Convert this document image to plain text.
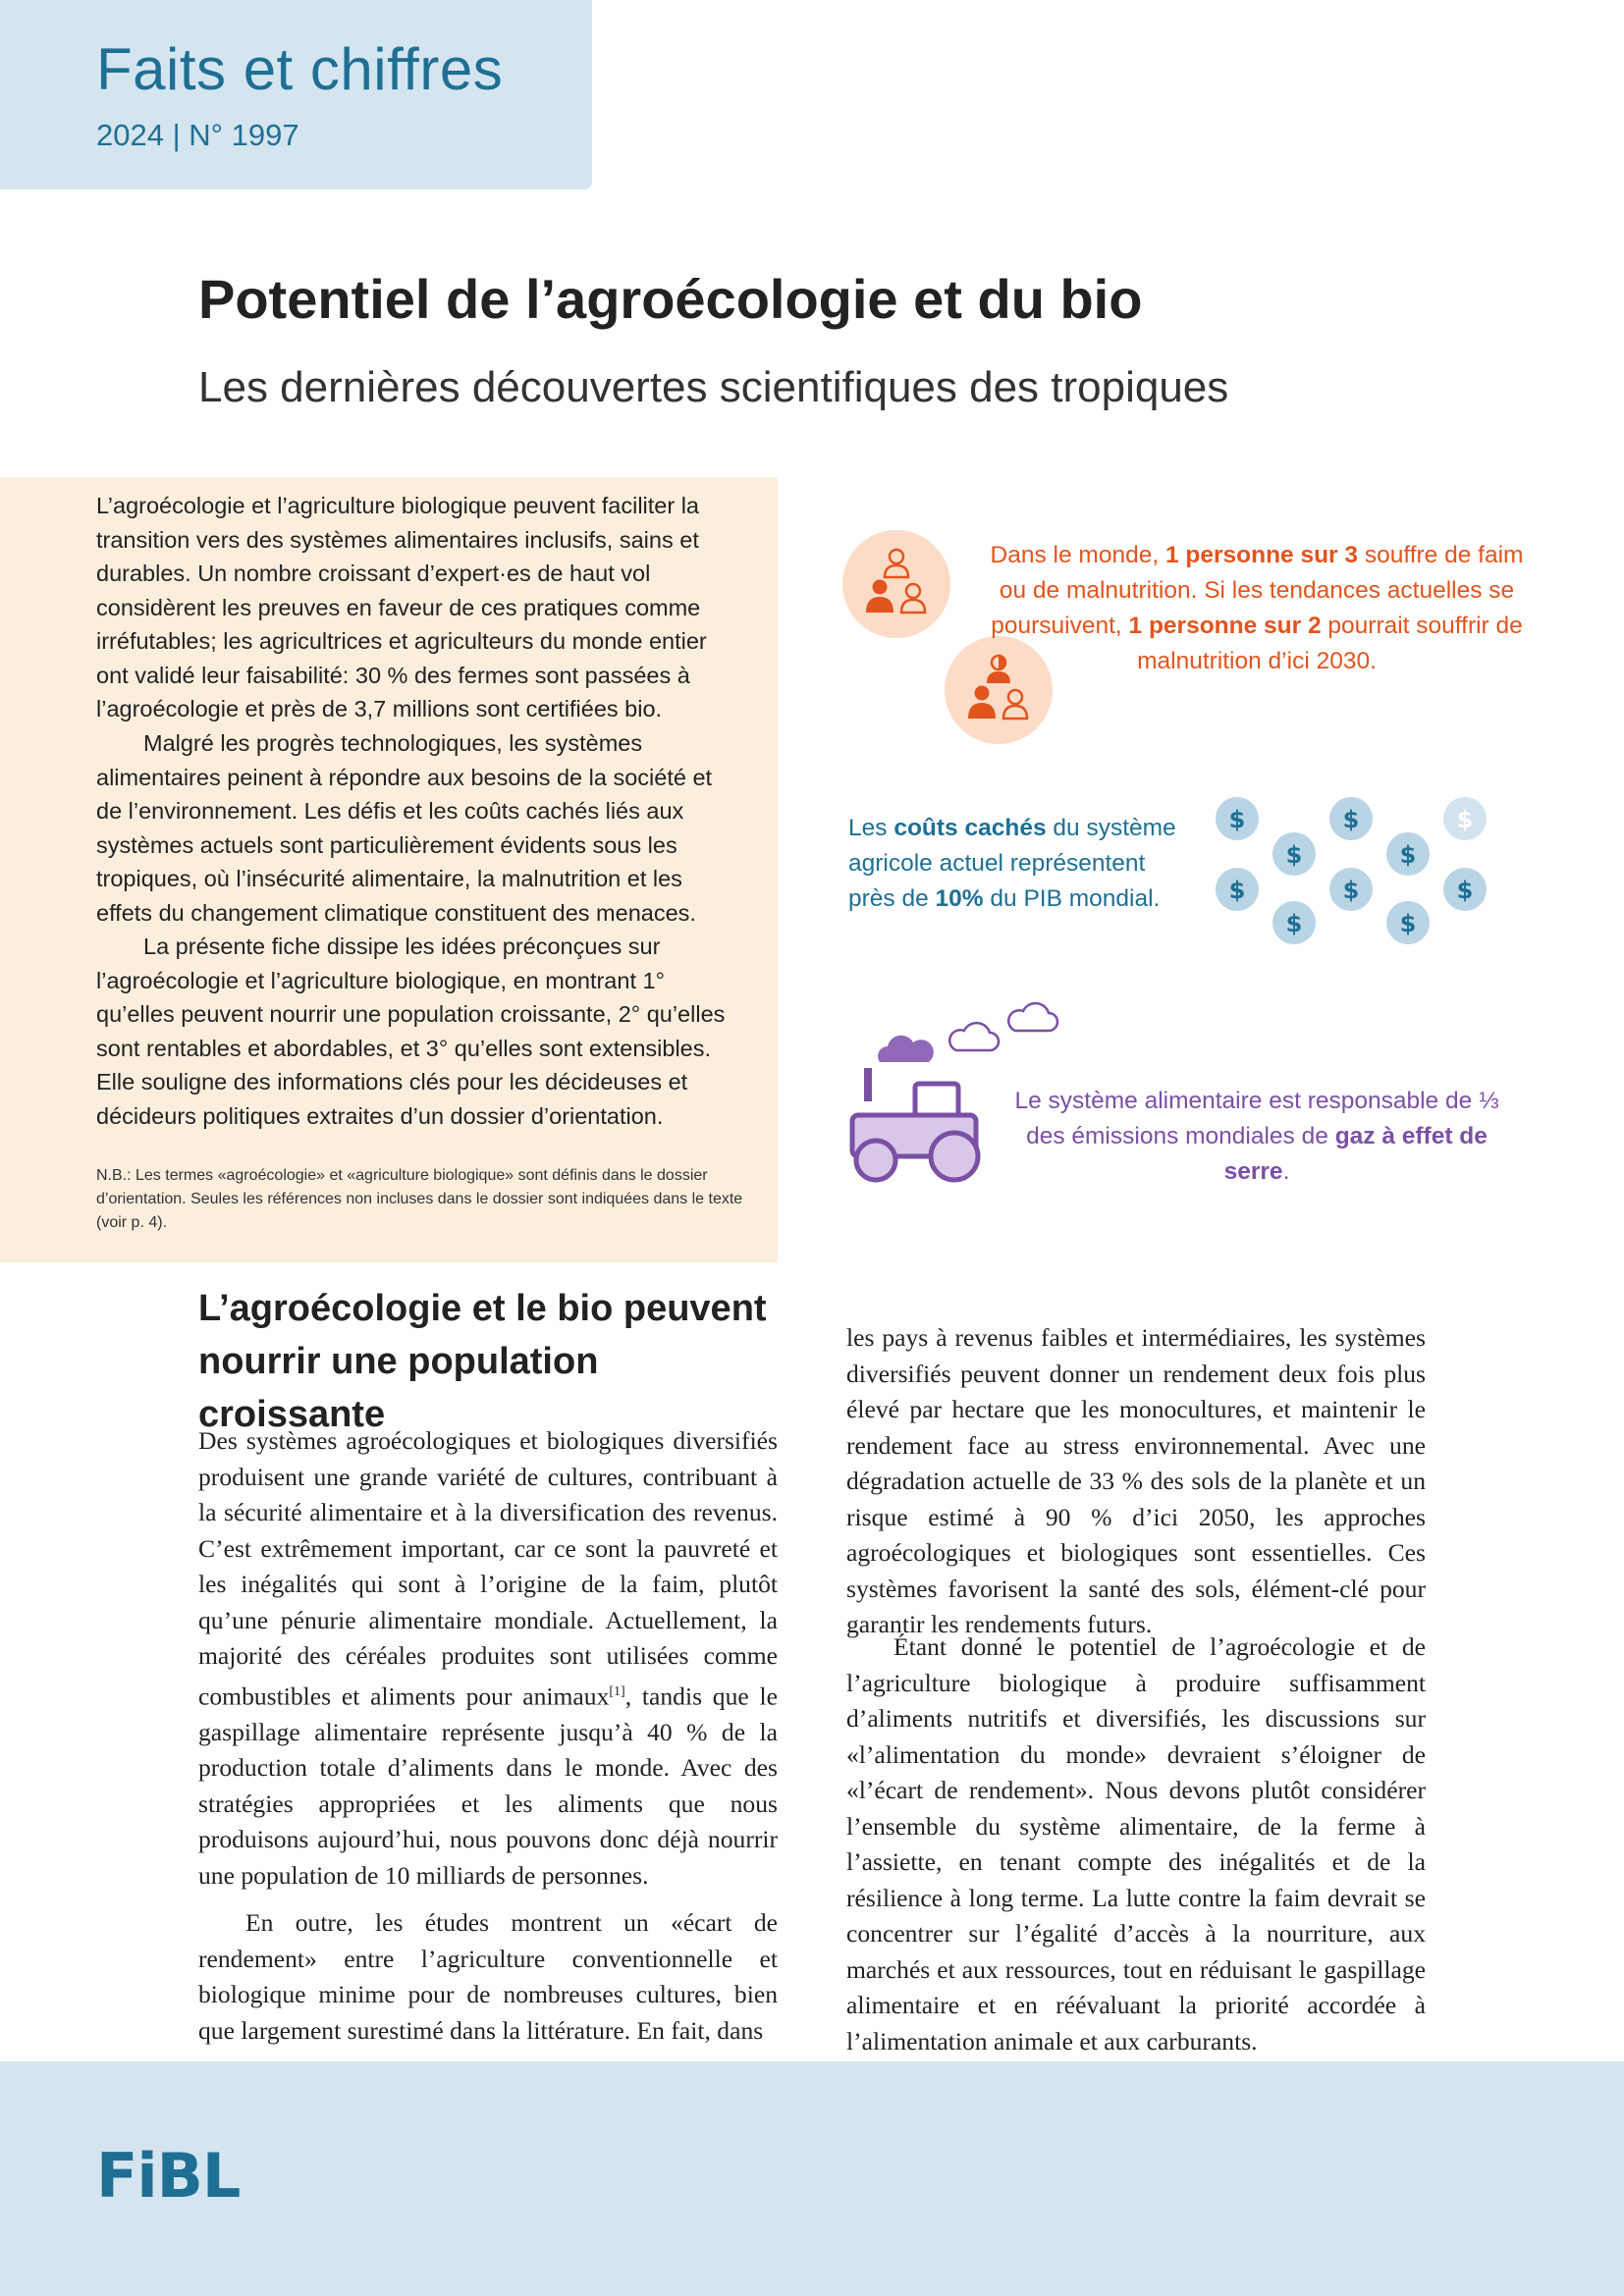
Faits et chiffres
2024 | N° 1997
Potentiel de l’agroécologie et du bio
Les dernières découvertes scientifiques des tropiques

L’agroécologie et l’agriculture biologique peuvent faciliter la transition vers des systèmes alimentaires inclusifs, sains et durables. Un nombre croissant d’expert·es de haut vol considèrent les preuves en faveur de ces pratiques comme irréfutables; les agricultrices et agriculteurs du monde entier ont validé leur faisabilité: 30 % des fermes sont passées à l’agroécologie et près de 3,7 millions sont certifiées bio.

Malgré les progrès technologiques, les systèmes alimentaires peinent à répondre aux besoins de la société et de l’environnement. Les défis et les coûts cachés liés aux systèmes actuels sont particulièrement évidents sous les tropiques, où l’insécurité alimentaire, la malnutrition et les effets du changement climatique constituent des menaces.

La présente fiche dissipe les idées préconçues sur l’agroécologie et l’agriculture biologique, en montrant 1° qu’elles peuvent nourrir une population croissante, 2° qu’elles sont rentables et abordables, et 3° qu’elles sont extensibles. Elle souligne des informations clés pour les décideuses et décideurs politiques extraites d’un dossier d’orientation.

N.B.: Les termes «agroécologie» et «agriculture biologique» sont définis dans le dossier d’orientation. Seules les références non incluses dans le dossier sont indiquées dans le texte (voir p. 4).

Dans le monde, 1 personne sur 3 souffre de faim ou de malnutrition. Si les tendances actuelles se poursuivent, 1 personne sur 2 pourrait souffrir de malnutrition d’ici 2030.
$	$	$
$	$
$	$	$
$	$
Les coûts cachés du système agricole actuel représentent près de 10% du PIB mondial.
Le système alimentaire est responsable de ⅓ des émissions mondiales de gaz à effet de serre.
L’agroécologie et le bio peuvent nourrir une population croissante

Des systèmes agroécologiques et biologiques diversifiés produisent une grande variété de cultures, contribuant à la sécurité alimentaire et à la diversification des revenus. C’est extrêmement important, car ce sont la pauvreté et les inégalités qui sont à l’origine de la faim, plutôt qu’une pénurie alimentaire mondiale. Actuellement, la majorité des céréales produites sont utilisées comme combustibles et aliments pour animaux[1], tandis que le gaspillage alimentaire représente jusqu’à 40 % de la production totale d’aliments dans le monde. Avec des stratégies appropriées et les aliments que nous produisons aujourd’hui, nous pouvons donc déjà nourrir une population de 10 milliards de personnes.

En outre, les études montrent un «écart de rendement» entre l’agriculture conventionnelle et biologique minime pour de nombreuses cultures, bien que largement surestimé dans la littérature. En fait, dans

les pays à revenus faibles et intermédiaires, les systèmes diversifiés peuvent donner un rendement deux fois plus élevé par hectare que les monocultures, et maintenir le rendement face au stress environnemental. Avec une dégradation actuelle de 33 % des sols de la planète et un risque estimé à 90 % d’ici 2050, les approches agroécologiques et biologiques sont essentielles. Ces systèmes favorisent la santé des sols, élément-clé pour garantir les rendements futurs.

Étant donné le potentiel de l’agroécologie et de l’agriculture biologique à produire suffisamment d’aliments nutritifs et diversifiés, les discussions sur «l’alimentation du monde» devraient s’éloigner de «l’écart de rendement». Nous devons plutôt considérer l’ensemble du système alimentaire, de la ferme à l’assiette, en tenant compte des inégalités et de la résilience à long terme. La lutte contre la faim devrait se concentrer sur l’égalité d’accès à la nourriture, aux marchés et aux ressources, tout en réduisant le gaspillage alimentaire et en réévaluant la priorité accordée à l’alimentation animale et aux carburants.

FiBL
